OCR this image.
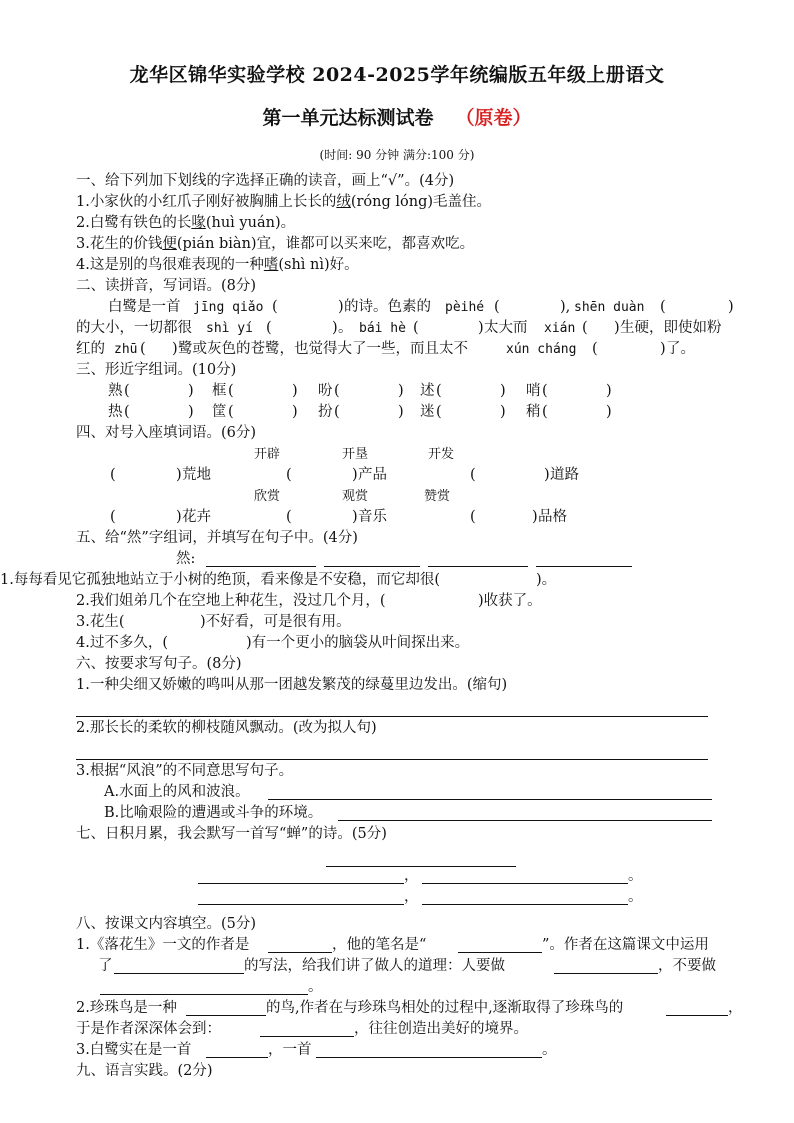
龙华区锦华实验学校 2024-2025学年统编版五年级上册语文
第一单元达标测试卷 （原卷）
(时间: 90 分钟 满分:100 分)
一、给下列加下划线的字选择正确的读音，画上“√”。(4分)
1.小家伙的小红爪子刚好被胸脯上长长的绒(róng lóng)毛盖住。
2.白鹭有铁色的长喙(huì yuán)。
3.花生的价钱便(pián biàn)宜，谁都可以买来吃，都喜欢吃。
4.这是别的鸟很难表现的一种嗜(shì nì)好。
二、读拼音，写词语。(8分)
白鹭是一首 jīng qiǎo (	) 的诗。色素的 pèihé (	), shēn duàn (	)
的大小，一切都很 shì yí (	) 。 bái hè (	) 太大而 xián ( ) 生硬，即使如粉
红的 zhū ( ) 鹭或灰色的苍鹭，也觉得大了一些，而且太不	xún cháng (	) 了。
三、形近字组词。(10分)
熟 (	) 框 (	) 吩 (	) 述 (	) 哨 (	)
热 (	) 筐 (	) 扮 (	) 迷 (	) 稍 (	)
四、对号入座填词语。(6分)
开辟	开垦	开发
(	) 荒地	(	) 产品	(	) 道路
欣赏	观赏	赞赏
(	) 花卉	(	) 音乐	(	) 品格
五、给“然”字组词，并填写在句子中。(4分)
然:
1.每每看见它孤独地站立于小树的绝顶，看来像是不安稳，而它却很(	)。
2.我们姐弟几个在空地上种花生，没过几个月，(	)收获了。
3.花生(	)不好看，可是很有用。
4.过不多久，(	)有一个更小的脑袋从叶间探出来。
六、按要求写句子。(8分)
1.一种尖细又娇嫩的鸣叫从那一团越发繁茂的绿蔓里边发出。(缩句)
2.那长长的柔软的柳枝随风飘动。(改为拟人句)
3.根据“风浪”的不同意思写句子。
A.水面上的风和波浪。
B.比喻艰险的遭遇或斗争的环境。
七、日积月累，我会默写一首写“蝉”的诗。(5分)
，	。
，	。
八、按课文内容填空。(5分)
1.《落花生》一文的作者是	，他的笔名是“	”。作者在这篇课文中运用
了	的写法，给我们讲了做人的道理：人要做	，不要做
。
2.珍珠鸟是一种	的鸟,作者在与珍珠鸟相处的过程中,逐渐取得了珍珠鸟的	，
于是作者深深体会到：	，往往创造出美好的境界。
3.白鹭实在是一首	，一首	。
九、语言实践。(2分)
